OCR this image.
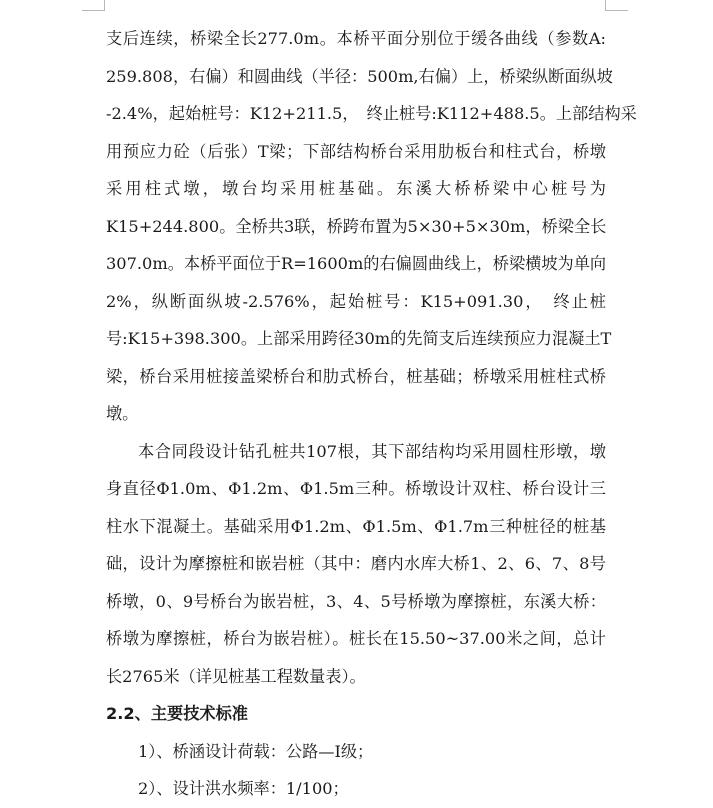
支后连续，桥梁全长277.0m。本桥平面分别位于缓各曲线（参数A:
259.808，右偏）和圆曲线（半径：500m,右偏）上，桥梁纵断面纵坡
-2.4%，起始桩号：K12+211.5，　终止桩号:K112+488.5。上部结构采
用预应力砼（后张）T梁；下部结构桥台采用肋板台和柱式台，桥墩
采用柱式墩，墩台均采用桩基础。东溪大桥桥梁中心桩号为
K15+244.800。全桥共3联，桥跨布置为5×30+5×30m，桥梁全长
307.0m。本桥平面位于R=1600m的右偏圆曲线上，桥梁横坡为单向
2%，纵断面纵坡-2.576%，起始桩号：K15+091.30，　终止桩
号:K15+398.300。上部采用跨径30m的先简支后连续预应力混凝土T
梁，桥台采用桩接盖梁桥台和肋式桥台，桩基础；桥墩采用桩柱式桥
墩。
本合同段设计钻孔桩共107根，其下部结构均采用圆柱形墩，墩
身直径Φ1.0m、Φ1.2m、Φ1.5m三种。桥墩设计双柱、桥台设计三
柱水下混凝土。基础采用Φ1.2m、Φ1.5m、Φ1.7m三种桩径的桩基
础，设计为摩擦桩和嵌岩桩（其中：磨内水库大桥1、2、6、7、8号
桥墩，0、9号桥台为嵌岩桩，3、4、5号桥墩为摩擦桩，东溪大桥：
桥墩为摩擦桩，桥台为嵌岩桩）。桩长在15.50~37.00米之间，总计
长2765米（详见桩基工程数量表）。
2.2、主要技术标准
1）、桥涵设计荷载：公路—I级；
2）、设计洪水频率：1/100；
